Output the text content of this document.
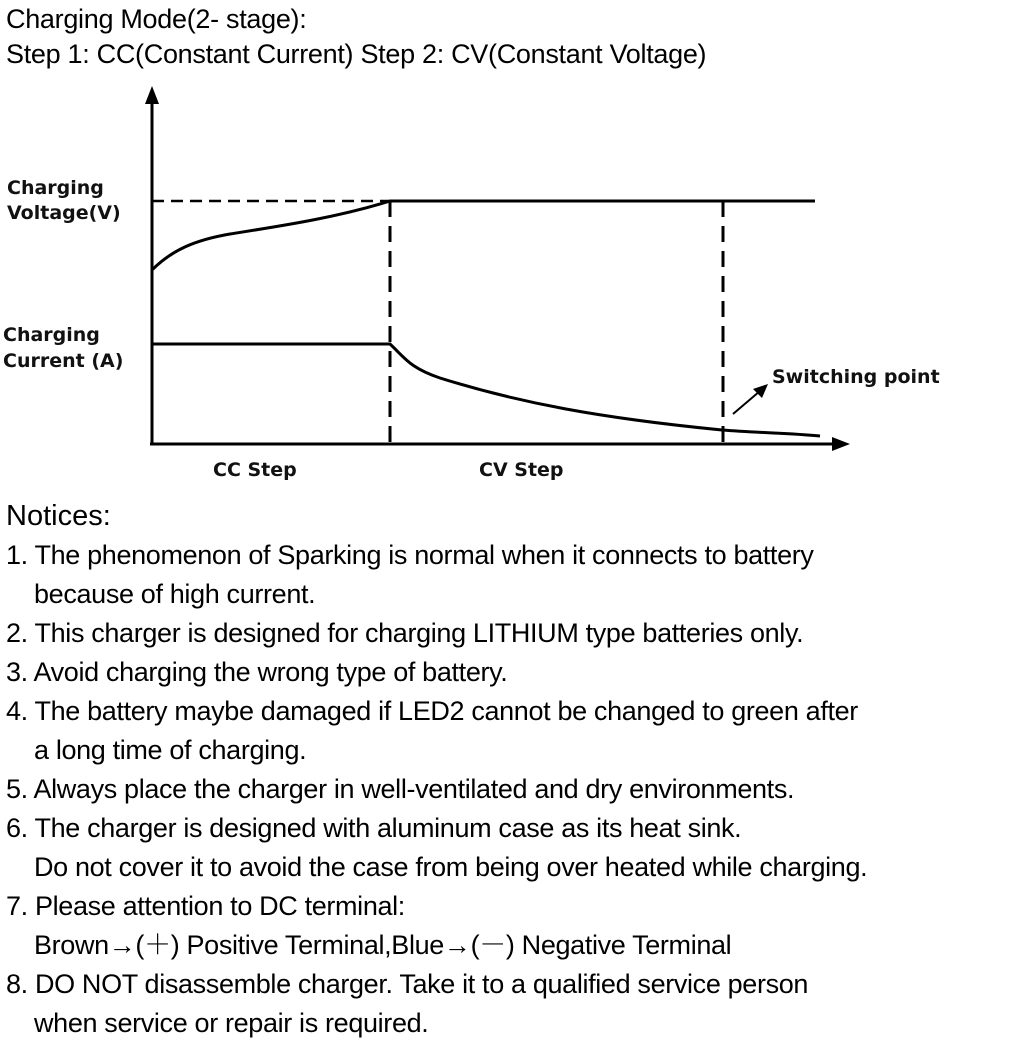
Charging Mode(2- stage):
Step 1: CC(Constant Current) Step 2: CV(Constant Voltage)
Charging
Voltage(V)
Charging
Current (A)
Switching point
CC Step	CV Step
Notices:
1. The phenomenon of Sparking is normal when it connects to battery
because of high current.
2. This charger is designed for charging LITHIUM type batteries only.
3. Avoid charging the wrong type of battery.
4. The battery maybe damaged if LED2 cannot be changed to green after
a long time of charging.
5. Always place the charger in well-ventilated and dry environments.
6. The charger is designed with aluminum case as its heat sink.
Do not cover it to avoid the case from being over heated while charging.
7. Please attention to DC terminal:
Brown→(＋) Positive Terminal,Blue→(－) Negative Terminal
8. DO NOT disassemble charger. Take it to a qualified service person
when service or repair is required.
